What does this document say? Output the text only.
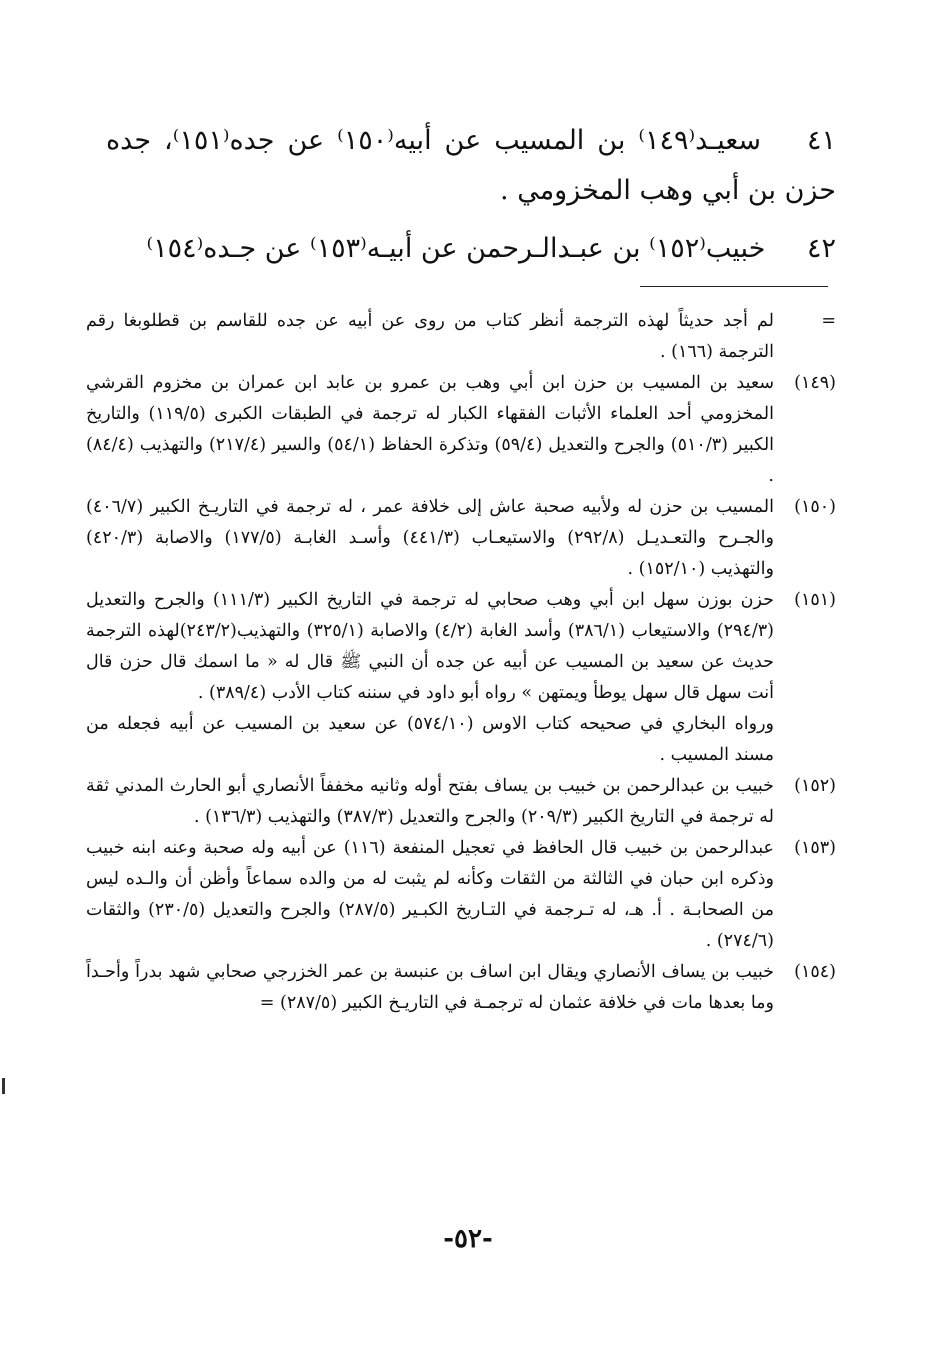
٤١ سعيـد⁽١٤٩⁾ بن المسيب عن أبيه⁽١٥٠⁾ عن جده⁽١٥١⁾، جده حزن بن أبي وهب المخزومي .
٤٢ خبيب⁽١٥٢⁾ بن عبـدالـرحمن عن أبيـه⁽١٥٣⁾ عن جـده⁽١٥٤⁾
=
لم أجد حديثاً لهذه الترجمة أنظر كتاب من روى عن أبيه عن جده للقاسم بن قطلوبغا رقم الترجمة (١٦٦) .
(١٤٩)
سعيد بن المسيب بن حزن ابن أبي وهب بن عمرو بن عابد ابن عمران بن مخزوم القرشي المخزومي أحد العلماء الأثبات الفقهاء الكبار له ترجمة في الطبقات الكبرى (١١٩/٥) والتاريخ الكبير (٥١٠/٣) والجرح والتعديل (٥٩/٤) وتذكرة الحفاظ (٥٤/١) والسير (٢١٧/٤) والتهذيب (٨٤/٤) .
(١٥٠)
المسيب بن حزن له ولأبيه صحبة عاش إلى خلافة عمر ، له ترجمة في التاريـخ الكبير (٤٠٦/٧) والجـرح والتعـديـل (٢٩٢/٨) والاستيعـاب (٤٤١/٣) وأسـد الغابـة (١٧٧/٥) والاصابة (٤٢٠/٣) والتهذيب (١٥٢/١٠) .
(١٥١)
حزن بوزن سهل ابن أبي وهب صحابي له ترجمة في التاريخ الكبير (١١١/٣) والجرح والتعديل (٢٩٤/٣) والاستيعاب (٣٨٦/١) وأسد الغابة (٤/٢) والاصابة (٣٢٥/١) والتهذيب(٢٤٣/٢)لهذه الترجمة حديث عن سعيد بن المسيب عن أبيه عن جده أن النبي ﷺ قال له « ما اسمك قال حزن قال أنت سهل قال سهل يوطأ ويمتهن » رواه أبو داود في سننه كتاب الأدب (٣٨٩/٤) .
ورواه البخاري في صحيحه كتاب الاوس (٥٧٤/١٠) عن سعيد بن المسيب عن أبيه فجعله من مسند المسيب .
(١٥٢)
خبيب بن عبدالرحمن بن خبيب بن يساف بفتح أوله وثانيه مخففاً الأنصاري أبو الحارث المدني ثقة له ترجمة في التاريخ الكبير (٢٠٩/٣) والجرح والتعديل (٣٨٧/٣) والتهذيب (١٣٦/٣) .
(١٥٣)
عبدالرحمن بن خبيب قال الحافظ في تعجيل المنفعة (١١٦) عن أبيه وله صحبة وعنه ابنه خبيب وذكره ابن حبان في الثالثة من الثقات وكأنه لم يثبت له من والده سماعاً وأظن أن والـده ليس من الصحابـة . أ. هـ، له تـرجمة في التـاريخ الكبـير (٢٨٧/٥) والجرح والتعديل (٢٣٠/٥) والثقات (٢٧٤/٦) .
(١٥٤)
خبيب بن يساف الأنصاري ويقال ابن اساف بن عنبسة بن عمر الخزرجي صحابي شهد بدراً وأحـداً وما بعدها مات في خلافة عثمان له ترجمـة في التاريـخ الكبير (٢٨٧/٥) =
-٥٢-
